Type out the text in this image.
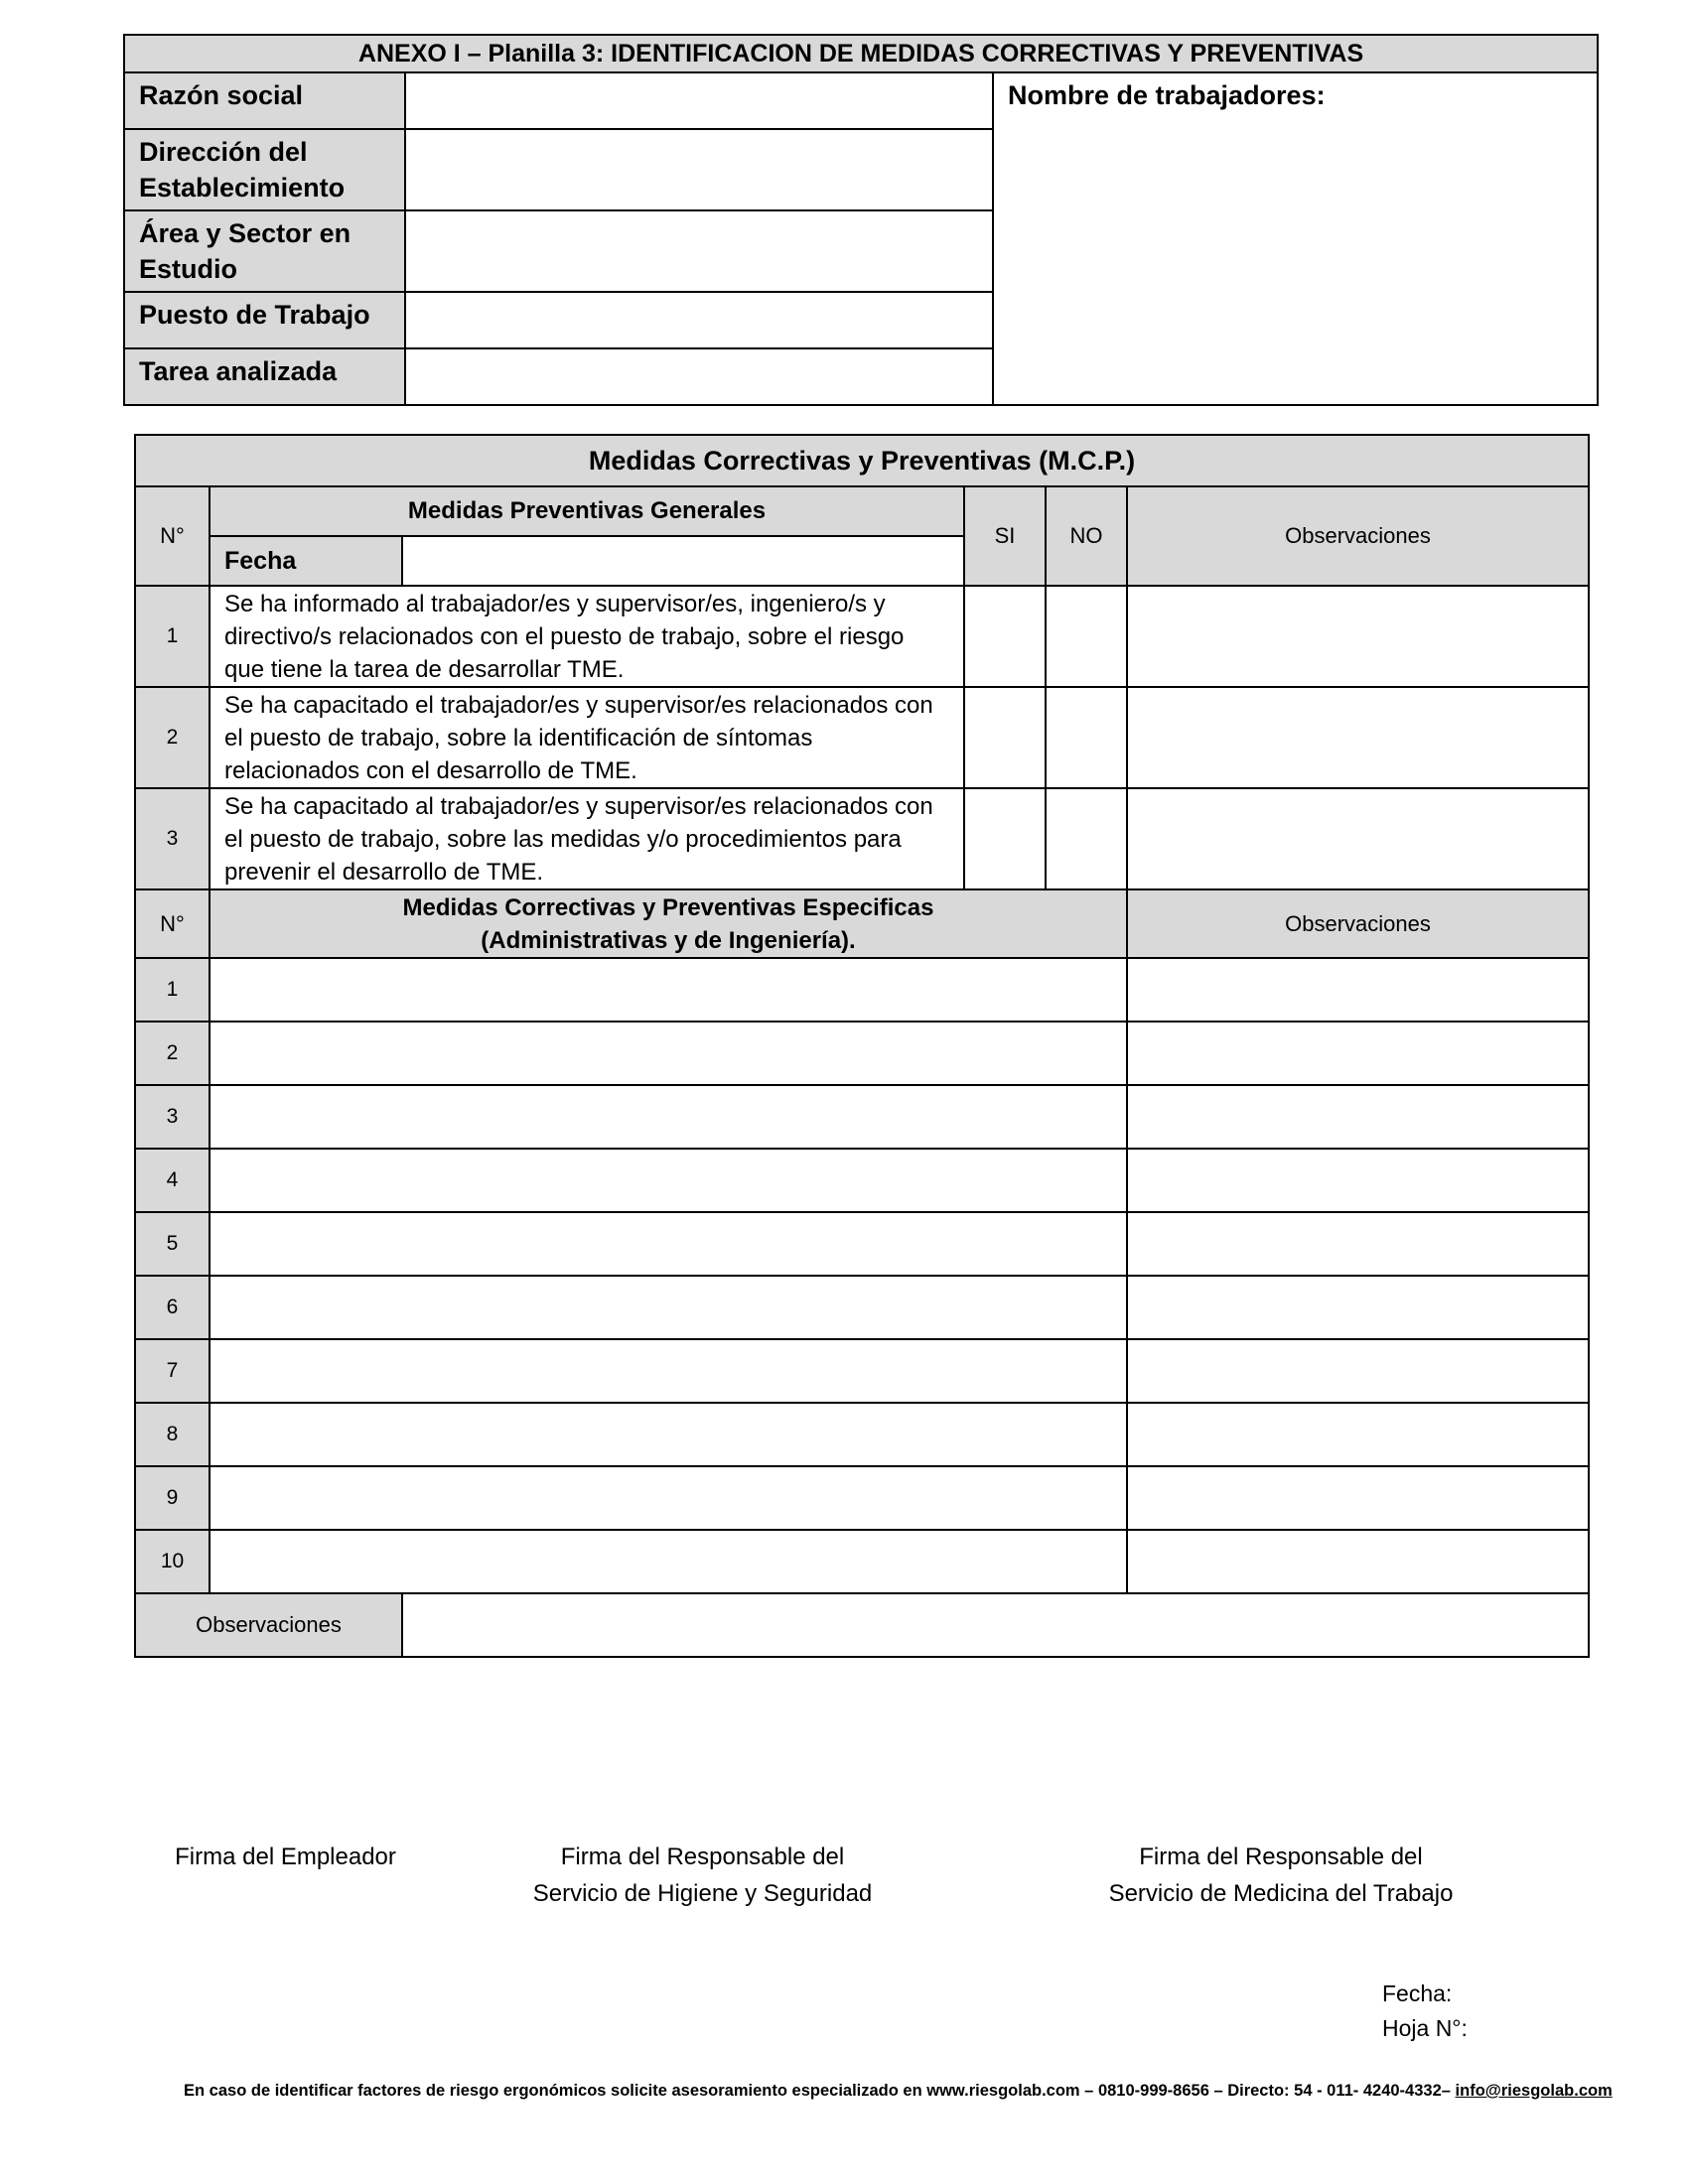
ANEXO I – Planilla 3: IDENTIFICACION DE MEDIDAS CORRECTIVAS Y PREVENTIVAS		
Razón social		Nombre de trabajadores:
Dirección del Establecimiento		
Área y Sector en Estudio		
Puesto de Trabajo		
Tarea analizada		
Medidas Correctivas y Preventivas (M.C.P.)					
N°	Medidas Preventivas Generales		SI	NO	Observaciones
	Fecha				
1	Se ha informado al trabajador/es y supervisor/es, ingeniero/s y directivo/s relacionados con el puesto de trabajo, sobre el riesgo que tiene la tarea de desarrollar TME.				
2	Se ha capacitado el trabajador/es y supervisor/es relacionados con el puesto de trabajo, sobre la identificación de síntomas relacionados con el desarrollo de TME.				
3	Se ha capacitado al trabajador/es y supervisor/es relacionados con el puesto de trabajo, sobre las medidas y/o procedimientos para prevenir el desarrollo de TME.				
N°	Medidas Correctivas y Preventivas Especificas (Administrativas y de Ingeniería).				Observaciones
1					
2					
3					
4					
5					
6					
7					
8					
9					
10					
Observaciones					
Firma del Empleador	Firma del Responsable del
Servicio de Higiene y Seguridad
Firma del Responsable del
Servicio de Medicina del Trabajo
Fecha:
Hoja N°:
En caso de identificar factores de riesgo ergonómicos solicite asesoramiento especializado en www.riesgolab.com – 0810-999-8656 – Directo: 54 - 011- 4240-4332– info@riesgolab.com
